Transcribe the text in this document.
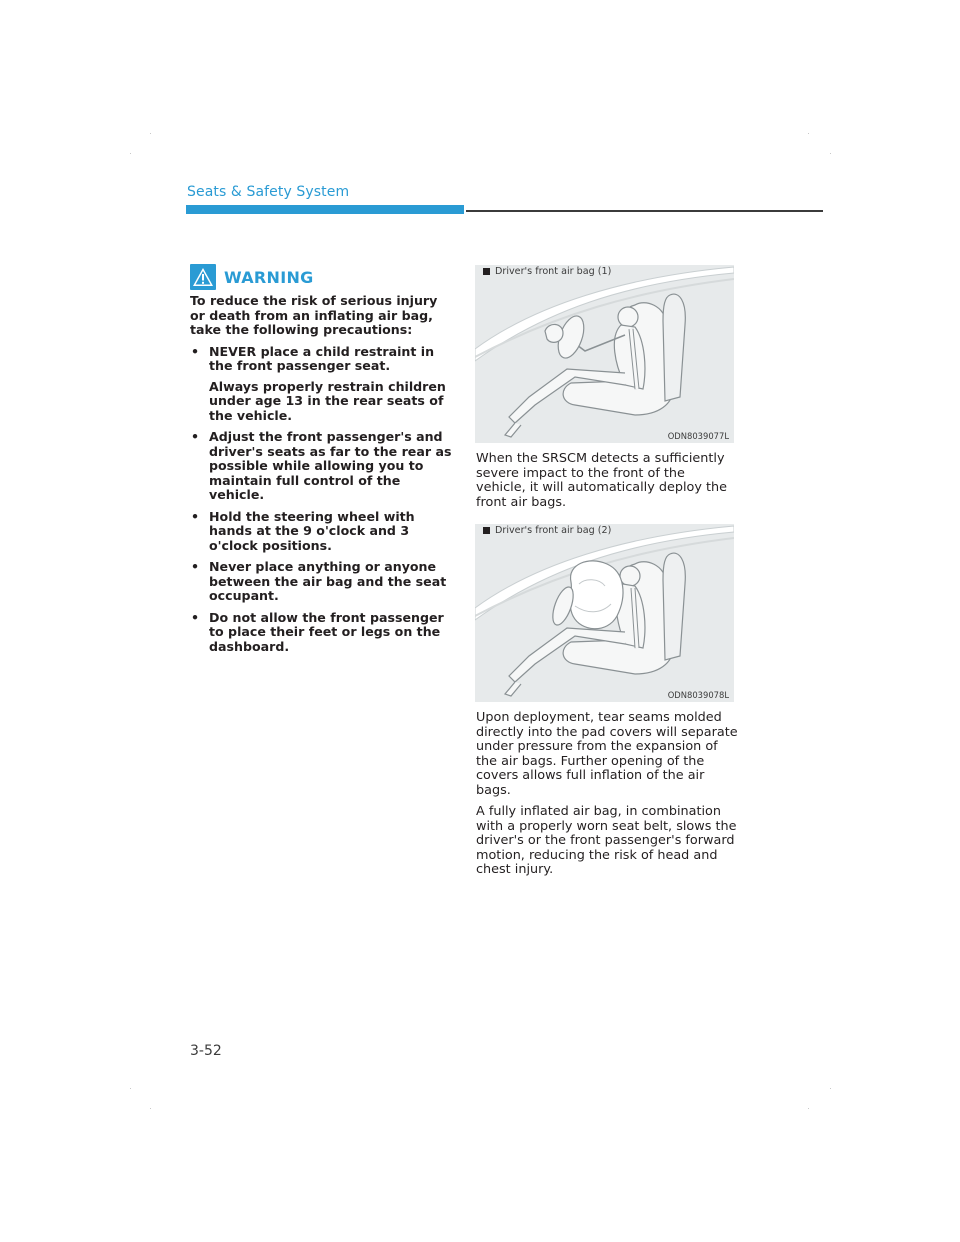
Seats & Safety System
WARNING
To reduce the risk of serious injury or death from an inflating air bag, take the following precautions:
• NEVER place a child restraint in the front passenger seat.

Always properly restrain children under age 13 in the rear seats of the vehicle.

• Adjust the front passenger's and driver's seats as far to the rear as possible while allowing you to maintain full control of the vehicle.

• Hold the steering wheel with hands at the 9 o'clock and 3 o'clock positions.

• Never place anything or anyone between the air bag and the seat occupant.

• Do not allow the front passenger to place their feet or legs on the dashboard.

Driver's front air bag (1)
ODN8039077L

When the SRSCM detects a sufficiently severe impact to the front of the vehicle, it will automatically deploy the front air bags.

Driver's front air bag (2)
ODN8039078L

Upon deployment, tear seams molded directly into the pad covers will separate under pressure from the expansion of the air bags. Further opening of the covers allows full inflation of the air bags.

A fully inflated air bag, in combination with a properly worn seat belt, slows the driver's or the front passenger's forward motion, reducing the risk of head and chest injury.

3-52
